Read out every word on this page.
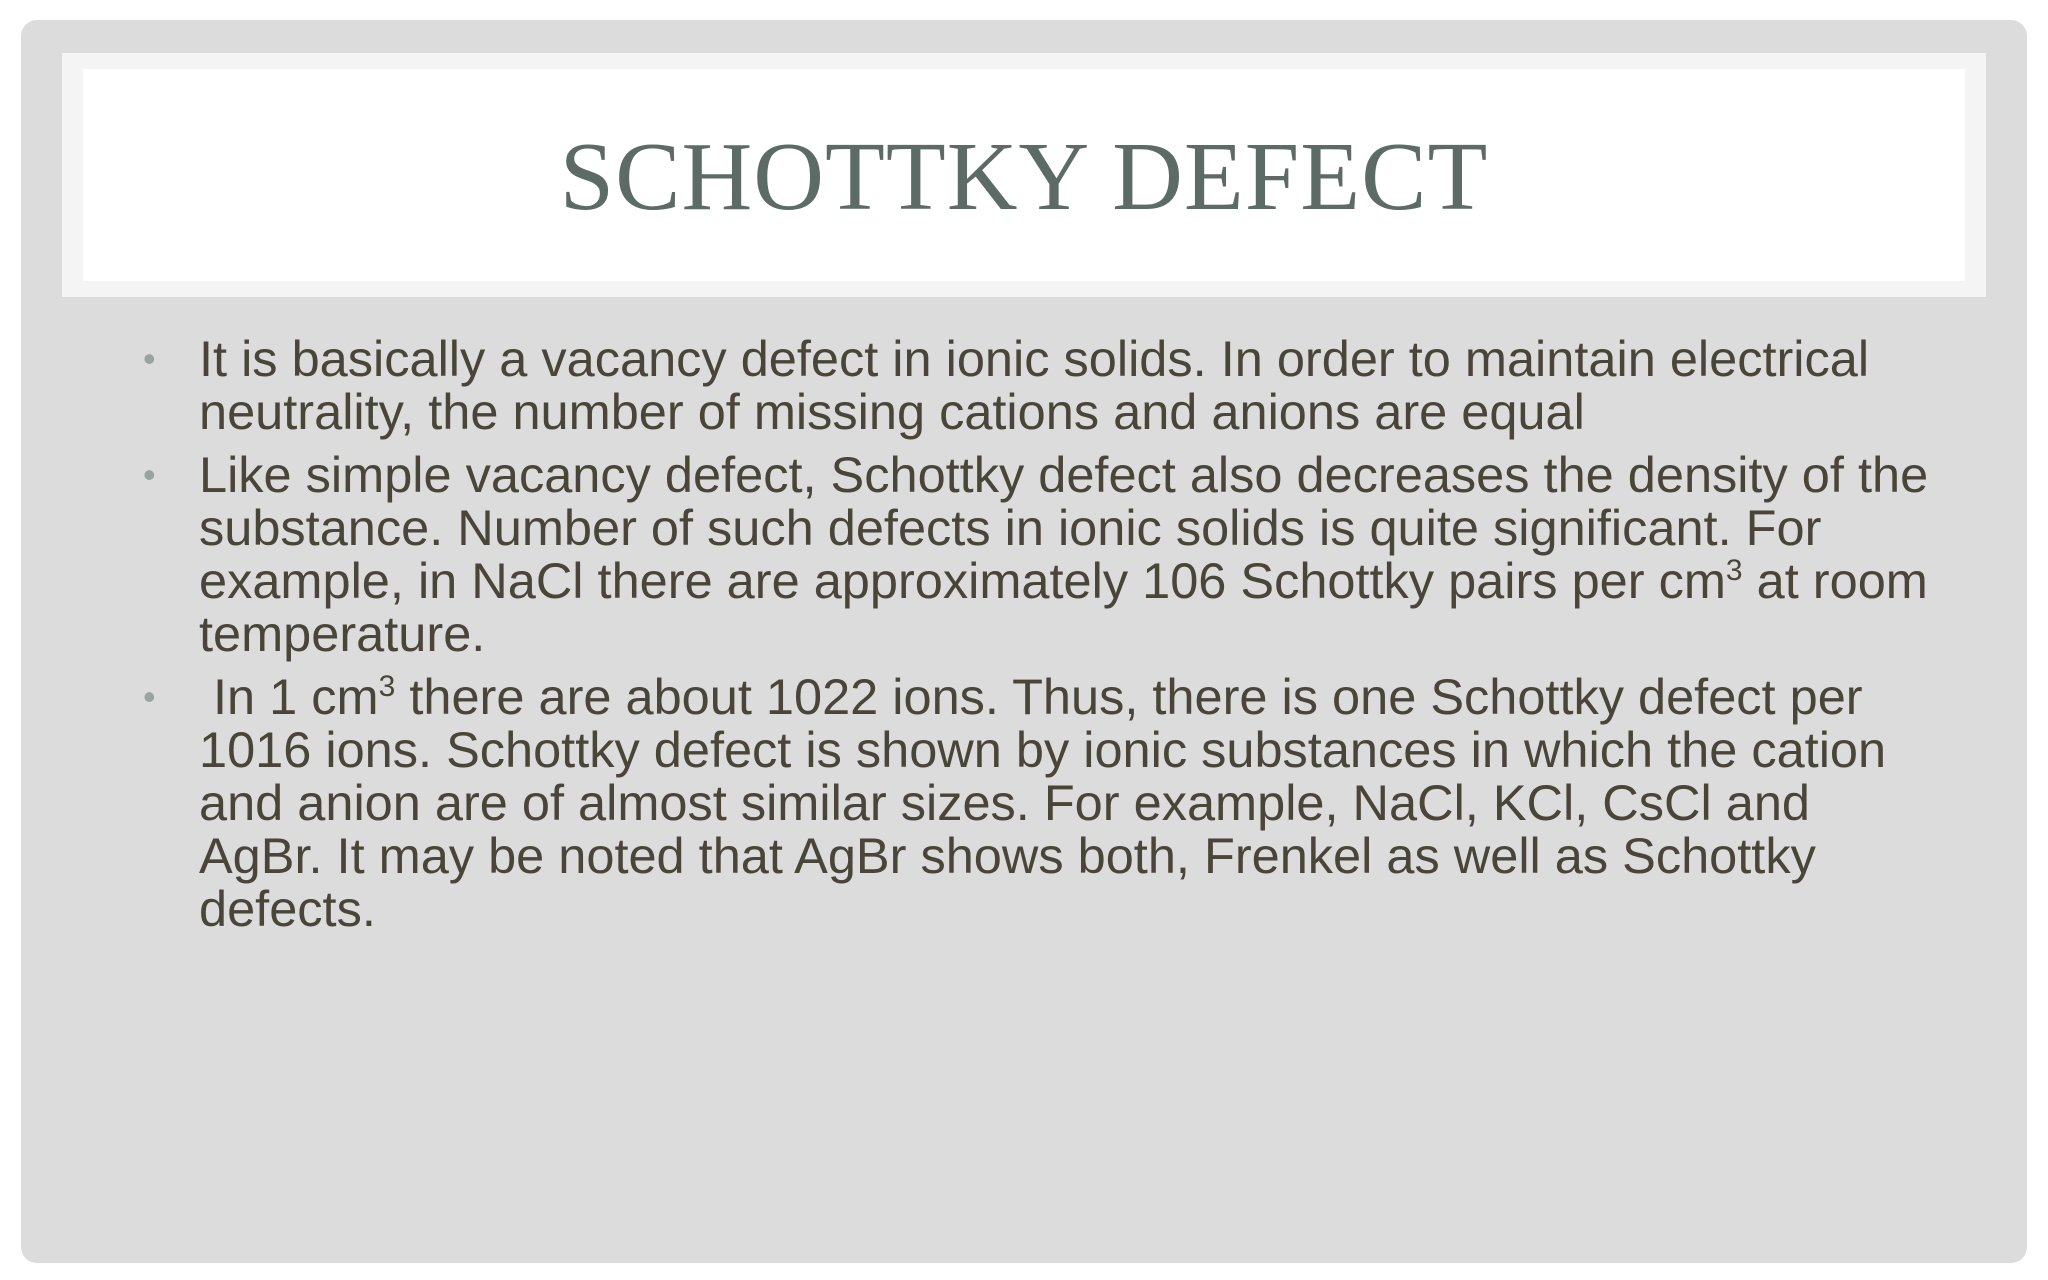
SCHOTTKY DEFECT

• It is basically a vacancy defect in ionic solids. In order to maintain electrical neutrality, the number of missing cations and anions are equal

• Like simple vacancy defect, Schottky defect also decreases the density of the substance. Number of such defects in ionic solids is quite significant. For example, in NaCl there are approximately 106 Schottky pairs per $cm^3$ at room temperature.

• In 1 $cm^3$ there are about 1022 ions. Thus, there is one Schottky defect per 1016 ions. Schottky defect is shown by ionic substances in which the cation and anion are of almost similar sizes. For example, NaCl, KCl, CsCl and AgBr. It may be noted that AgBr shows both, Frenkel as well as Schottky defects.
